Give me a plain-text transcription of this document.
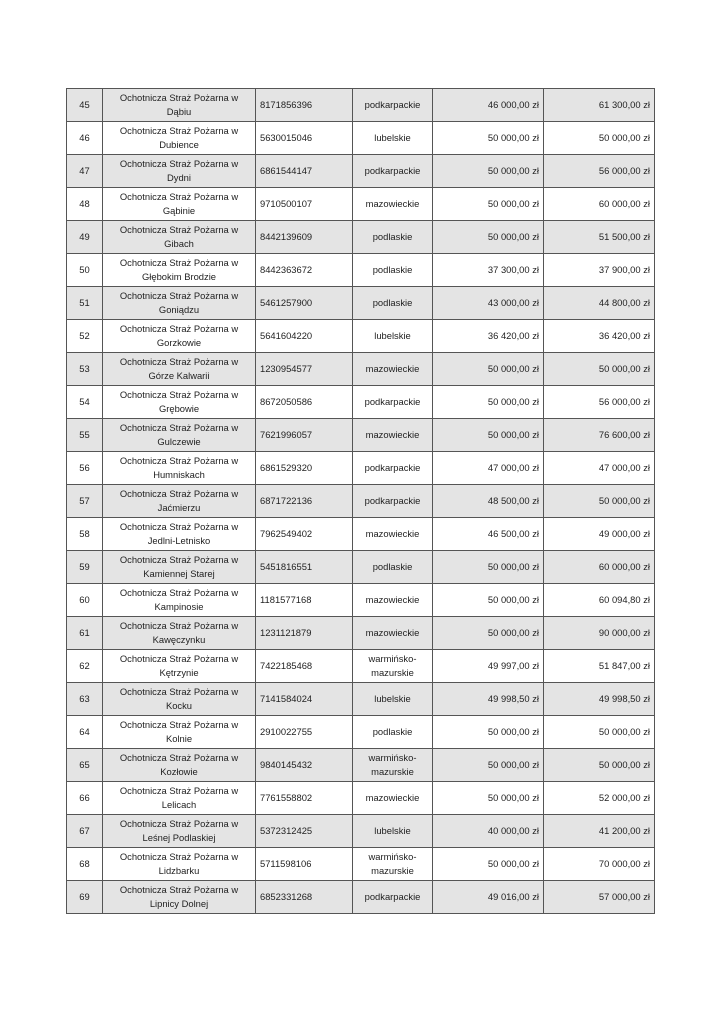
45	Ochotnicza Straż Pożarna w Dąbiu	8171856396	podkarpackie	46 000,00 zł	61 300,00 zł
46	Ochotnicza Straż Pożarna w Dubience	5630015046	lubelskie	50 000,00 zł	50 000,00 zł
47	Ochotnicza Straż Pożarna w Dydni	6861544147	podkarpackie	50 000,00 zł	56 000,00 zł
48	Ochotnicza Straż Pożarna w Gąbinie	9710500107	mazowieckie	50 000,00 zł	60 000,00 zł
49	Ochotnicza Straż Pożarna w Gibach	8442139609	podlaskie	50 000,00 zł	51 500,00 zł
50	Ochotnicza Straż Pożarna w Głębokim Brodzie	8442363672	podlaskie	37 300,00 zł	37 900,00 zł
51	Ochotnicza Straż Pożarna w Goniądzu	5461257900	podlaskie	43 000,00 zł	44 800,00 zł
52	Ochotnicza Straż Pożarna w Gorzkowie	5641604220	lubelskie	36 420,00 zł	36 420,00 zł
53	Ochotnicza Straż Pożarna w Górze Kalwarii	1230954577	mazowieckie	50 000,00 zł	50 000,00 zł
54	Ochotnicza Straż Pożarna w Grębowie	8672050586	podkarpackie	50 000,00 zł	56 000,00 zł
55	Ochotnicza Straż Pożarna w Gulczewie	7621996057	mazowieckie	50 000,00 zł	76 600,00 zł
56	Ochotnicza Straż Pożarna w Humniskach	6861529320	podkarpackie	47 000,00 zł	47 000,00 zł
57	Ochotnicza Straż Pożarna w Jaćmierzu	6871722136	podkarpackie	48 500,00 zł	50 000,00 zł
58	Ochotnicza Straż Pożarna w Jedlni-Letnisko	7962549402	mazowieckie	46 500,00 zł	49 000,00 zł
59	Ochotnicza Straż Pożarna w Kamiennej Starej	5451816551	podlaskie	50 000,00 zł	60 000,00 zł
60	Ochotnicza Straż Pożarna w Kampinosie	1181577168	mazowieckie	50 000,00 zł	60 094,80 zł
61	Ochotnicza Straż Pożarna w Kawęczynku	1231121879	mazowieckie	50 000,00 zł	90 000,00 zł
62	Ochotnicza Straż Pożarna w Kętrzynie	7422185468	warmińsko-mazurskie	49 997,00 zł	51 847,00 zł
63	Ochotnicza Straż Pożarna w Kocku	7141584024	lubelskie	49 998,50 zł	49 998,50 zł
64	Ochotnicza Straż Pożarna w Kolnie	2910022755	podlaskie	50 000,00 zł	50 000,00 zł
65	Ochotnicza Straż Pożarna w Kozłowie	9840145432	warmińsko-mazurskie	50 000,00 zł	50 000,00 zł
66	Ochotnicza Straż Pożarna w Lelicach	7761558802	mazowieckie	50 000,00 zł	52 000,00 zł
67	Ochotnicza Straż Pożarna w Leśnej Podlaskiej	5372312425	lubelskie	40 000,00 zł	41 200,00 zł
68	Ochotnicza Straż Pożarna w Lidzbarku	5711598106	warmińsko-mazurskie	50 000,00 zł	70 000,00 zł
69	Ochotnicza Straż Pożarna w Lipnicy Dolnej	6852331268	podkarpackie	49 016,00 zł	57 000,00 zł
